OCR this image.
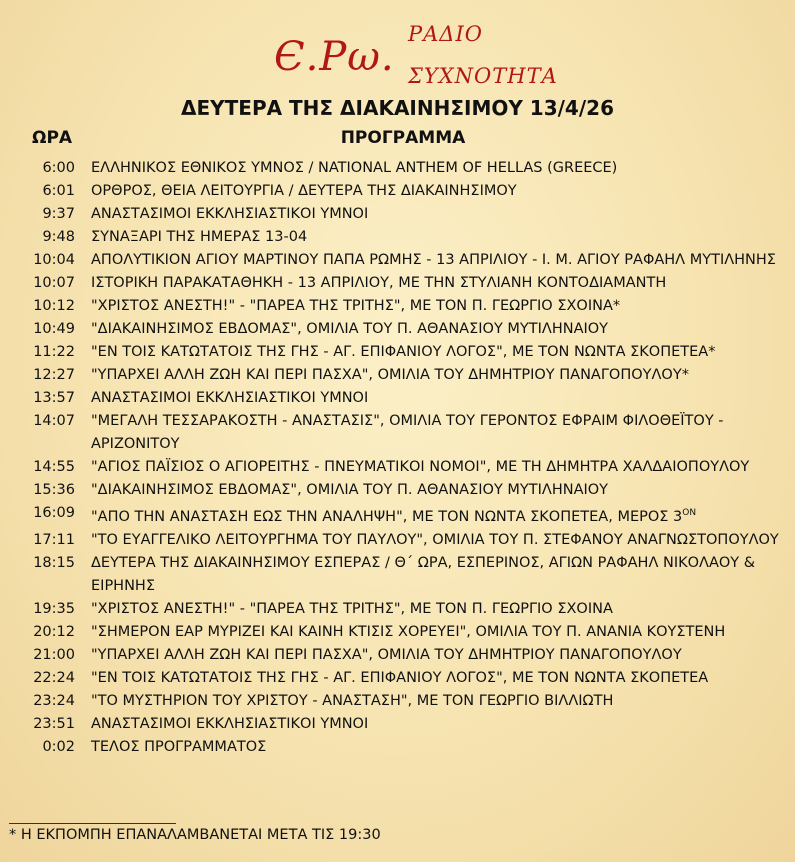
Є.Рω. ΡΑΔΙΟ
ΣΥΧΝΟΤΗΤΑ
ΔΕΥΤΕΡΑ ΤΗΣ ΔΙΑΚΑΙΝΗΣΙΜΟΥ 13/4/26
ΩΡΑ	ΠΡΟΓΡΑΜΜΑ
6:00 ΕΛΛΗΝΙΚΟΣ ΕΘΝΙΚΟΣ ΥΜΝΟΣ / NATIONAL ANTHEM OF HELLAS (GREECE)
6:01 ΟΡΘΡΟΣ, ΘΕΙΑ ΛΕΙΤΟΥΡΓΙΑ / ΔΕΥΤΕΡΑ ΤΗΣ ΔΙΑΚΑΙΝΗΣΙΜΟΥ
9:37 ΑΝΑΣΤΑΣΙΜΟΙ ΕΚΚΛΗΣΙΑΣΤΙΚΟΙ ΥΜΝΟΙ
9:48 ΣΥΝΑΞΑΡΙ ΤΗΣ ΗΜΕΡΑΣ 13-04
10:04 ΑΠΟΛΥΤΙΚΙΟΝ ΑΓΙΟΥ ΜΑΡΤΙΝΟΥ ΠΑΠΑ ΡΩΜΗΣ - 13 ΑΠΡΙΛΙΟΥ - Ι. Μ. ΑΓΙΟΥ ΡΑΦΑΗΛ ΜΥΤΙΛΗΝΗΣ
10:07 ΙΣΤΟΡΙΚΗ ΠΑΡΑΚΑΤΑΘΗΚΗ - 13 ΑΠΡΙΛΙΟΥ, ΜΕ ΤΗΝ ΣΤΥΛΙΑΝΗ ΚΟΝΤΟΔΙΑΜΑΝΤΗ
10:12 "ΧΡΙΣΤΟΣ ΑΝΕΣΤΗ!" - "ΠΑΡΕΑ ΤΗΣ ΤΡΙΤΗΣ", ΜΕ ΤΟΝ Π. ΓΕΩΡΓΙΟ ΣΧΟΙΝΑ*
10:49 "ΔΙΑΚΑΙΝΗΣΙΜΟΣ ΕΒΔΟΜΑΣ", ΟΜΙΛΙΑ ΤΟΥ Π. ΑΘΑΝΑΣΙΟΥ ΜΥΤΙΛΗΝΑΙΟΥ
11:22 "ΕΝ ΤΟΙΣ ΚΑΤΩΤΑΤΟΙΣ ΤΗΣ ΓΗΣ - ΑΓ. ΕΠΙΦΑΝΙΟΥ ΛΟΓΟΣ", ΜΕ ΤΟΝ ΝΩΝΤΑ ΣΚΟΠΕΤΕΑ*
12:27 "ΥΠΑΡΧΕΙ ΑΛΛΗ ΖΩΗ ΚΑΙ ΠΕΡΙ ΠΑΣΧΑ", ΟΜΙΛΙΑ ΤΟΥ ΔΗΜΗΤΡΙΟΥ ΠΑΝΑΓΟΠΟΥΛΟΥ*
13:57 ΑΝΑΣΤΑΣΙΜΟΙ ΕΚΚΛΗΣΙΑΣΤΙΚΟΙ ΥΜΝΟΙ
14:07 "ΜΕΓΑΛΗ ΤΕΣΣΑΡΑΚΟΣΤΗ - ΑΝΑΣΤΑΣΙΣ", ΟΜΙΛΙΑ ΤΟΥ ΓΕΡΟΝΤΟΣ ΕΦΡΑΙΜ ΦΙΛΟΘΕΪΤΟΥ - ΑΡΙΖΟΝΙΤΟΥ
14:55 "ΑΓΙΟΣ ΠΑΪΣΙΟΣ Ο ΑΓΙΟΡΕΙΤΗΣ - ΠΝΕΥΜΑΤΙΚΟΙ ΝΟΜΟΙ", ΜΕ ΤΗ ΔΗΜΗΤΡΑ ΧΑΛΔΑΙΟΠΟΥΛΟΥ
15:36 "ΔΙΑΚΑΙΝΗΣΙΜΟΣ ΕΒΔΟΜΑΣ", ΟΜΙΛΙΑ ΤΟΥ Π. ΑΘΑΝΑΣΙΟΥ ΜΥΤΙΛΗΝΑΙΟΥ
16:09 "ΑΠΟ ΤΗΝ ΑΝΑΣΤΑΣΗ ΕΩΣ ΤΗΝ ΑΝΑΛΗΨΗ", ΜΕ ΤΟΝ ΝΩΝΤΑ ΣΚΟΠΕΤΕΑ, ΜΕΡΟΣ $3^{ON}$
17:11 "ΤΟ ΕΥΑΓΓΕΛΙΚΟ ΛΕΙΤΟΥΡΓΗΜΑ ΤΟΥ ΠΑΥΛΟΥ", ΟΜΙΛΙΑ ΤΟΥ Π. ΣΤΕΦΑΝΟΥ ΑΝΑΓΝΩΣΤΟΠΟΥΛΟΥ
18:15 ΔΕΥΤΕΡΑ ΤΗΣ ΔΙΑΚΑΙΝΗΣΙΜΟΥ ΕΣΠΕΡΑΣ / Θ΄ ΩΡΑ, ΕΣΠΕΡΙΝΟΣ, ΑΓΙΩΝ ΡΑΦΑΗΛ ΝΙΚΟΛΑΟΥ & ΕΙΡΗΝΗΣ
19:35 "ΧΡΙΣΤΟΣ ΑΝΕΣΤΗ!" - "ΠΑΡΕΑ ΤΗΣ ΤΡΙΤΗΣ", ΜΕ ΤΟΝ Π. ΓΕΩΡΓΙΟ ΣΧΟΙΝΑ
20:12 "ΣΗΜΕΡΟΝ ΕΑΡ ΜΥΡΙΖΕΙ ΚΑΙ ΚΑΙΝΗ ΚΤΙΣΙΣ ΧΟΡΕΥΕΙ", ΟΜΙΛΙΑ ΤΟΥ Π. ΑΝΑΝΙΑ ΚΟΥΣΤΕΝΗ
21:00 "ΥΠΑΡΧΕΙ ΑΛΛΗ ΖΩΗ ΚΑΙ ΠΕΡΙ ΠΑΣΧΑ", ΟΜΙΛΙΑ ΤΟΥ ΔΗΜΗΤΡΙΟΥ ΠΑΝΑΓΟΠΟΥΛΟΥ
22:24 "ΕΝ ΤΟΙΣ ΚΑΤΩΤΑΤΟΙΣ ΤΗΣ ΓΗΣ - ΑΓ. ΕΠΙΦΑΝΙΟΥ ΛΟΓΟΣ", ΜΕ ΤΟΝ ΝΩΝΤΑ ΣΚΟΠΕΤΕΑ
23:24 "ΤΟ ΜΥΣΤΗΡΙΟΝ ΤΟΥ ΧΡΙΣΤΟΥ - ΑΝΑΣΤΑΣΗ", ΜΕ ΤΟΝ ΓΕΩΡΓΙΟ ΒΙΛΛΙΩΤΗ
23:51 ΑΝΑΣΤΑΣΙΜΟΙ ΕΚΚΛΗΣΙΑΣΤΙΚΟΙ ΥΜΝΟΙ
0:02 ΤΕΛΟΣ ΠΡΟΓΡΑΜΜΑΤΟΣ
* Η ΕΚΠΟΜΠΗ ΕΠΑΝΑΛΑΜΒΑΝΕΤΑΙ ΜΕΤΑ ΤΙΣ 19:30
